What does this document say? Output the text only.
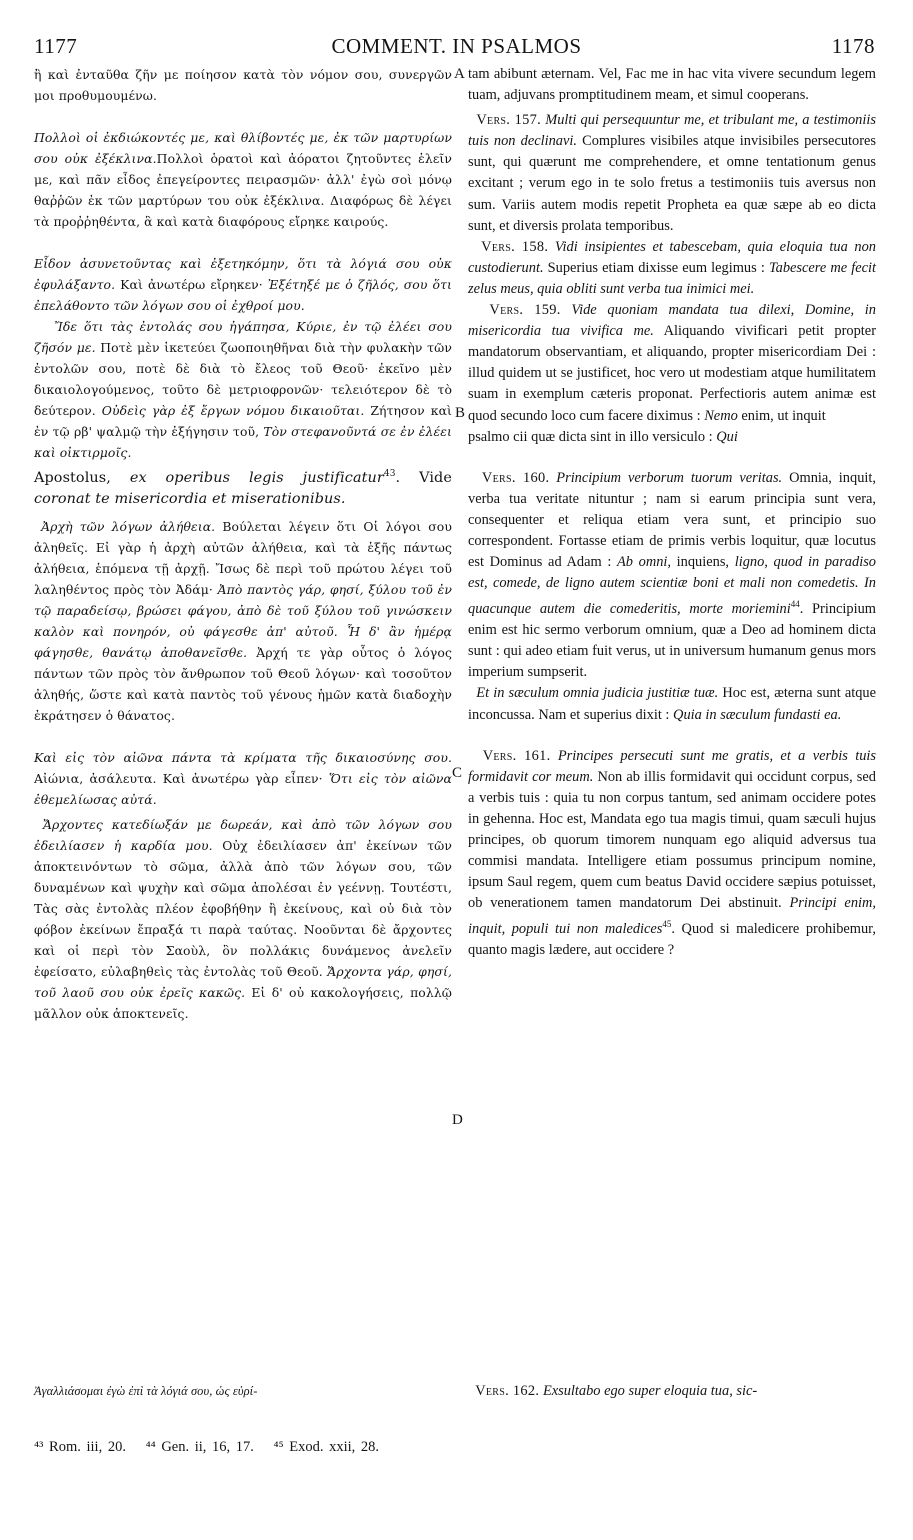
1177	COMMENT. IN PSALMOS	1178

ἢ καὶ ἐνταῦθα ζῆν με ποίησον κατὰ τὸν νόμον σου, συνεργῶν μοι προθυμουμένω.

Πολλοὶ οἱ ἐκδιώκοντές με, καὶ θλίβοντές με, ἐκ τῶν μαρτυρίων σου οὐκ ἐξέκλινα.Πολλοὶ ὁρατοὶ καὶ ἀόρατοι ζητοῦντες ἑλεῖν με, καὶ πᾶν εἶδος ἐπεγείροντες πειρασμῶν· ἀλλ' ἐγὼ σοὶ μόνῳ θαῤῥῶν ἐκ τῶν μαρτύρων του οὐκ ἐξέκλινα. Διαφόρως δὲ λέγει τὰ προῤῥηθέντα, ἃ καὶ κατὰ διαφόρους εἴρηκε καιρούς.

Εἶδον ἀσυνετοῦντας καὶ ἐξετηκόμην, ὅτι τὰ λόγιά σου οὐκ ἐφυλάξαντο. Καὶ ἀνωτέρω εἴρηκεν· Ἐξέτηξέ με ὁ ζῆλός, σου ὅτι ἐπελάθοντο τῶν λόγων σου οἱ ἐχθροί μου.

Ἴδε ὅτι τὰς ἐντολάς σου ἠγάπησα, Κύριε, ἐν τῷ ἐλέει σου ζῆσόν με. Ποτὲ μὲν ἱκετεύει ζωοποιηθῆναι διὰ τὴν φυλακὴν τῶν ἐντολῶν σου, ποτὲ δὲ διὰ τὸ ἔλεος τοῦ Θεοῦ· ἐκεῖνο μὲν δικαιολογούμενος, τοῦτο δὲ μετριοφρονῶν· τελειότερον δὲ τὸ δεύτερον. Οὐδεὶς γὰρ ἐξ ἔργων νόμου δικαιοῦται. Ζήτησον καὶ ἐν τῷ ρβ' ψαλμῷ τὴν ἐξήγησιν τοῦ, Τὸν στεφανοῦντά σε ἐν ἐλέει καὶ οἰκτιρμοῖς.

Apostolus, ex operibus legis justificatur$^{43}$. Vide

coronat te misericordia et miserationibus.

Ἀρχὴ τῶν λόγων ἀλήθεια. Βούλεται λέγειν ὅτι Οἱ λόγοι σου ἀληθεῖς. Εἰ γὰρ ἡ ἀρχὴ αὐτῶν ἀλήθεια, καὶ τὰ ἑξῆς πάντως ἀλήθεια, ἑπόμενα τῇ ἀρχῇ. Ἴσως δὲ περὶ τοῦ πρώτου λέγει τοῦ λαληθέντος πρὸς τὸν Ἀδάμ· Ἀπὸ παντὸς γάρ, φησί, ξύλου τοῦ ἐν τῷ παραδείσῳ, βρώσει φάγου, ἀπὸ δὲ τοῦ ξύλου τοῦ γινώσκειν καλὸν καὶ πονηρόν, οὐ φάγεσθε ἀπ' αὐτοῦ. Ἧ δ' ἂν ἡμέρᾳ φάγησθε, θανάτῳ ἀποθανεῖσθε. Ἀρχή τε γὰρ οὗτος ὁ λόγος πάντων τῶν πρὸς τὸν ἄνθρωπον τοῦ Θεοῦ λόγων· καὶ τοσοῦτον ἀληθής, ὥστε καὶ κατὰ παντὸς τοῦ γένους ἡμῶν κατὰ διαδοχὴν ἐκράτησεν ὁ θάνατος.

Καὶ εἰς τὸν αἰῶνα πάντα τὰ κρίματα τῆς δικαιοσύνης σου. Αἰώνια, ἀσάλευτα. Καὶ ἀνωτέρω γὰρ εἶπεν· Ὅτι εἰς τὸν αἰῶνα ἐθεμελίωσας αὐτά.

Ἄρχοντες κατεδίωξάν με δωρεάν, καὶ ἀπὸ τῶν λόγων σου ἐδειλίασεν ἡ καρδία μου. Οὐχ ἐδειλίασεν ἀπ' ἐκείνων τῶν ἀποκτεινόντων τὸ σῶμα, ἀλλὰ ἀπὸ τῶν λόγων σου, τῶν δυναμένων καὶ ψυχὴν καὶ σῶμα ἀπολέσαι ἐν γεέννῃ. Τουτέστι, Τὰς σὰς ἐντολὰς πλέον ἐφοβήθην ἢ ἐκείνους, καὶ οὐ διὰ τὸν φόβον ἐκείνων ἔπραξά τι παρὰ ταύτας. Νοοῦνται δὲ ἄρχοντες καὶ οἱ περὶ τὸν Σαοὺλ, ὃν πολλάκις δυνάμενος ἀνελεῖν ἐφείσατο, εὐλαβηθεὶς τὰς ἐντολὰς τοῦ Θεοῦ. Ἄρχοντα γάρ, φησί, τοῦ λαοῦ σου οὐκ ἐρεῖς κακῶς. Εἰ δ' οὐ κακολογήσεις, πολλῷ μᾶλλον οὐκ ἀποκτενεῖς.

Ἀγαλλιάσομαι ἐγὼ ἐπὶ τὰ λόγιά σου, ὡς εὑρί-

tam abibunt æternam. Vel, Fac me in hac vita vivere secundum legem tuam, adjuvans promptitudinem meam, et simul cooperans.

Vers. 157. Multi qui persequuntur me, et tribulant me, a testimoniis tuis non declinavi. Complures visibiles atque invisibiles persecutores sunt, qui quærunt me comprehendere, et omne tentationum genus excitant ; verum ego in te solo fretus a testimoniis tuis aversus non sum. Variis autem modis repetit Propheta ea quæ sæpe ab eo dicta sunt, et diversis prolata temporibus.

Vers. 158. Vidi insipientes et tabescebam, quia eloquia tua non custodierunt. Superius etiam dixisse eum legimus : Tabescere me fecit zelus meus, quia obliti sunt verba tua inimici mei.

Vers. 159. Vide quoniam mandata tua dilexi, Domine, in misericordia tua vivifica me. Aliquando vivificari petit propter mandatorum observantiam, et aliquando, propter misericordiam Dei : illud quidem ut se justificet, hoc vero ut modestiam atque humilitatem suam in exemplum cæteris proponat. Perfectioris autem animæ est quod secundo loco cum facere diximus : Nemo enim, ut inquit

psalmo cii quæ dicta sint in illo versiculo : Qui

Vers. 160. Principium verborum tuorum veritas. Omnia, inquit, verba tua veritate nituntur ; nam si earum principia sunt vera, consequenter et reliqua etiam vera sunt, et principio suo correspondent. Fortasse etiam de primis verbis loquitur, quæ locutus est Dominus ad Adam : Ab omni, inquiens, ligno, quod in paradiso est, comede, de ligno autem scientiæ boni et mali non comedetis. In quacunque autem die comederitis, morte moriemini$^{44}$. Principium enim est hic sermo verborum omnium, quæ a Deo ad hominem dicta sunt : qui adeo etiam fuit verus, ut in universum humanum genus mors imperium sumpserit.

Et in sæculum omnia judicia justitiæ tuæ. Hoc est, æterna sunt atque inconcussa. Nam et superius dixit : Quia in sæculum fundasti ea.

Vers. 161. Principes persecuti sunt me gratis, et a verbis tuis formidavit cor meum. Non ab illis formidavit qui occidunt corpus, sed a verbis tuis : quia tu non corpus tantum, sed animam occidere potes in gehenna. Hoc est, Mandata ego tua magis timui, quam sæculi hujus principes, ob quorum timorem nunquam ego aliquid adversus tua commisi mandata. Intelligere etiam possumus principum nomine, ipsum Saul regem, quem cum beatus David occidere sæpius potuisset, ob venerationem tamen mandatorum Dei abstinuit. Principi enim, inquit, populi tui non maledices$^{45}$. Quod si maledicere prohibemur, quanto magis lædere, aut occidere ?

Vers. 162. Exsultabo ego super eloquia tua, sic-

A
B
C
D
⁴³ Rom. iii, 20. ⁴⁴ Gen. ii, 16, 17. ⁴⁵ Exod. xxii, 28.
